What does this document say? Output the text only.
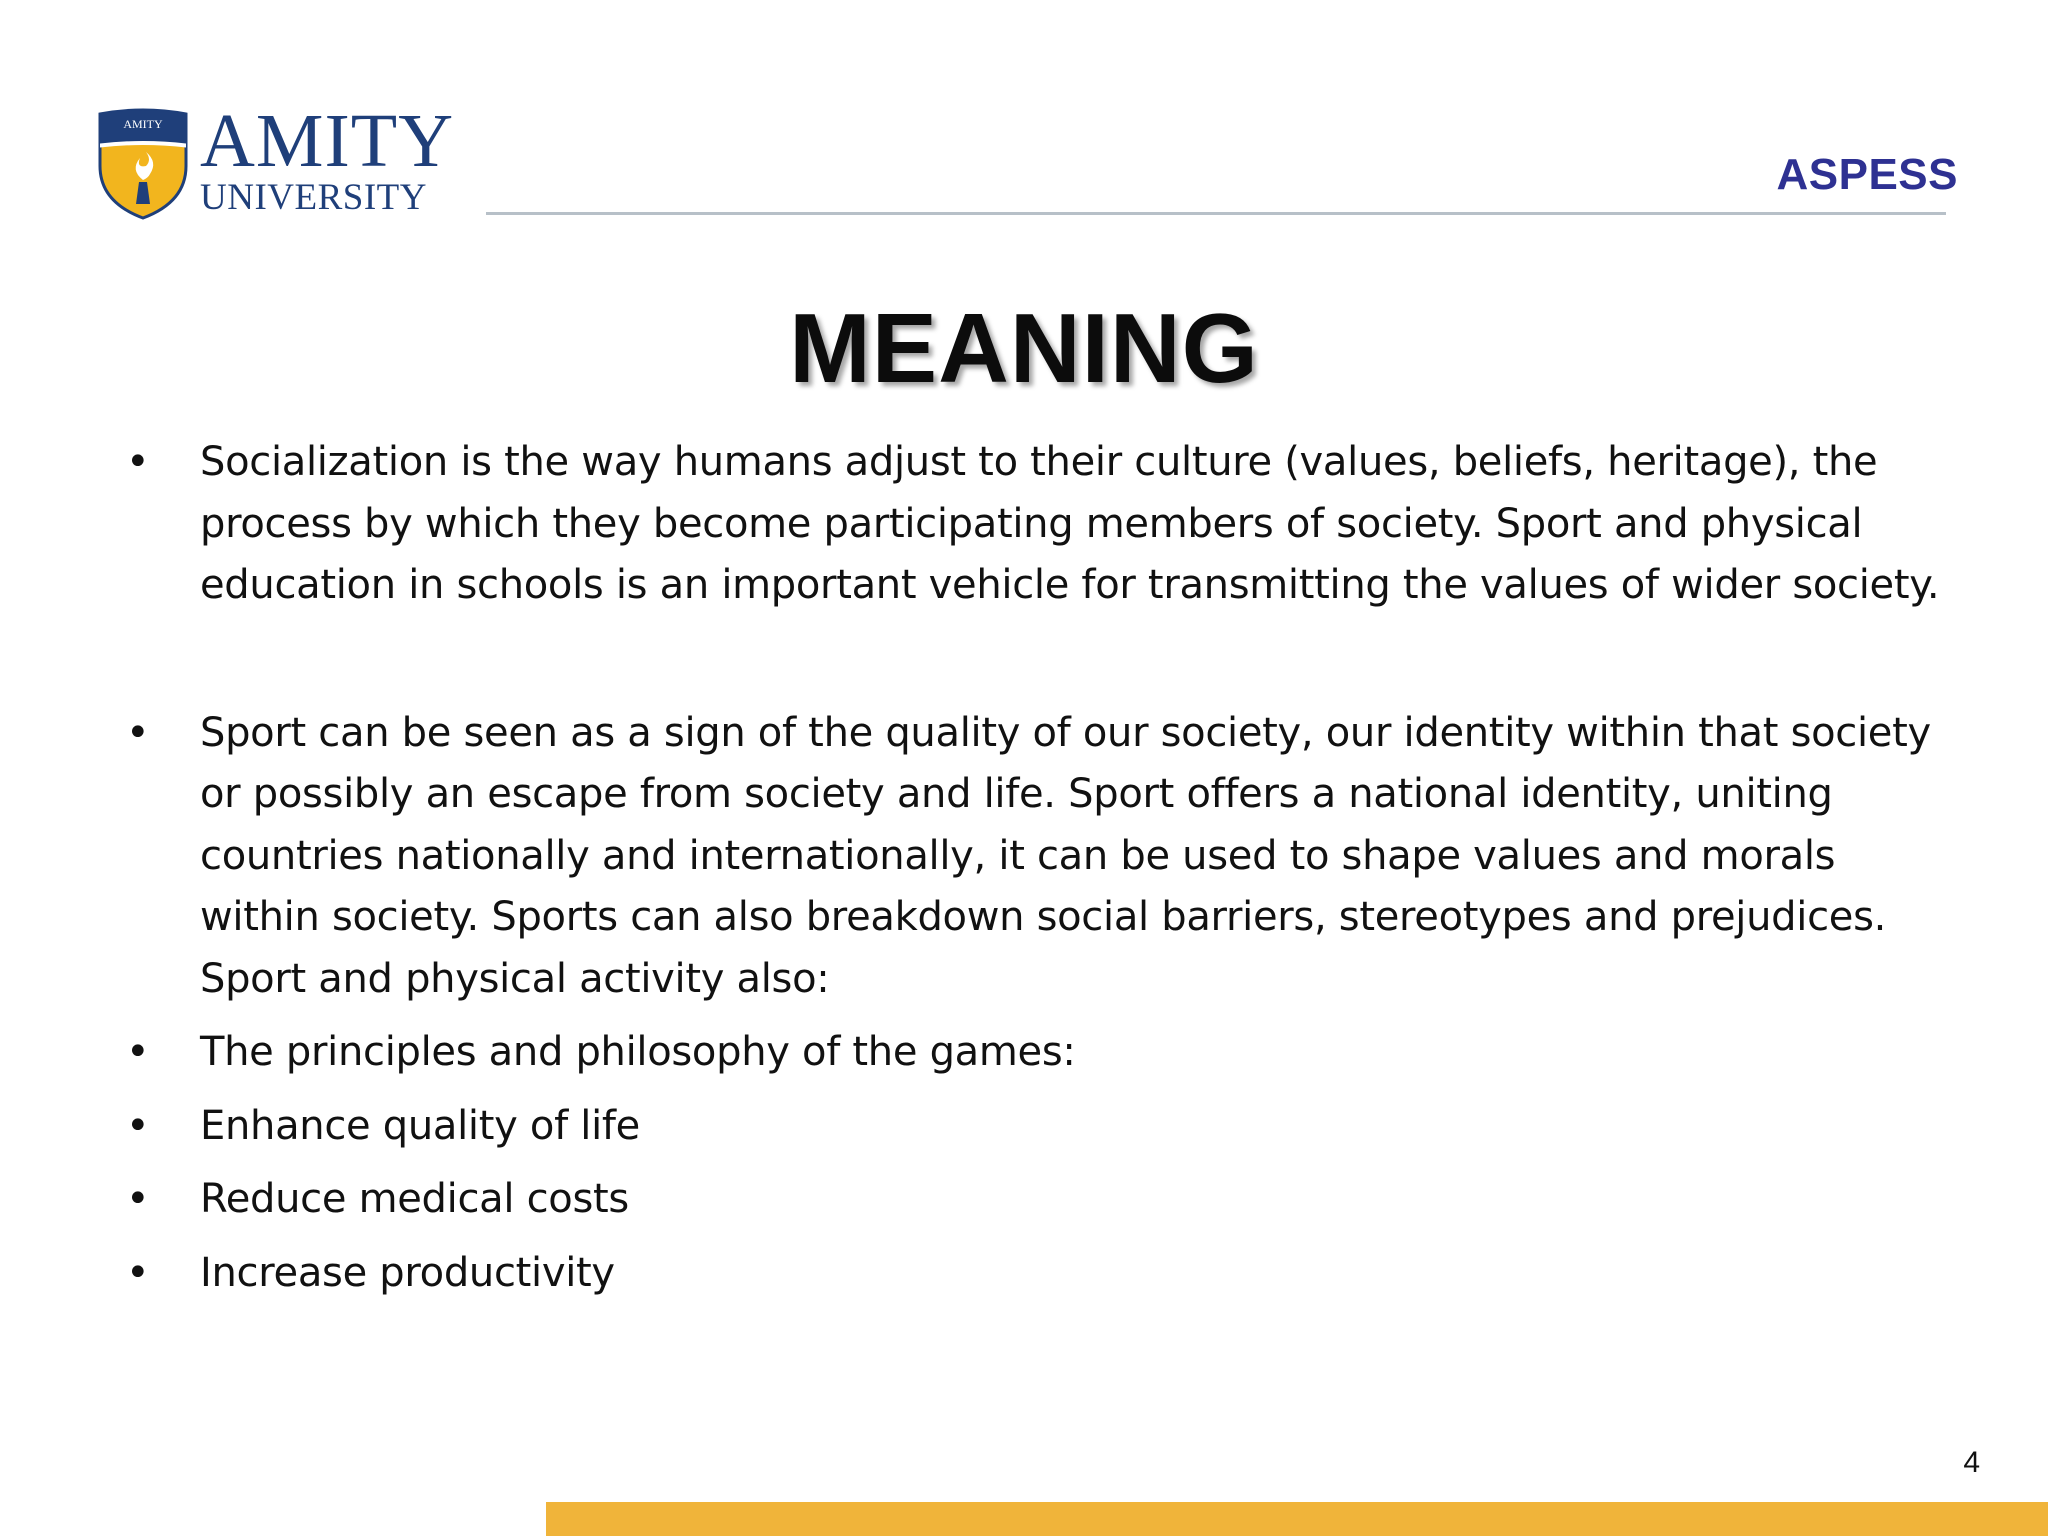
AMITY AMITY
UNIVERSITY	ASPESS
MEANING
• Socialization is the way humans adjust to their culture (values, beliefs, heritage), the process by which they become participating members of society. Sport and physical education in schools is an important vehicle for transmitting the values of wider society.
• Sport can be seen as a sign of the quality of our society, our identity within that society or possibly an escape from society and life. Sport offers a national identity, uniting countries nationally and internationally, it can be used to shape values and morals within society. Sports can also breakdown social barriers, stereotypes and prejudices. Sport and physical activity also:
• The principles and philosophy of the games:
• Enhance quality of life
• Reduce medical costs
• Increase productivity
4
